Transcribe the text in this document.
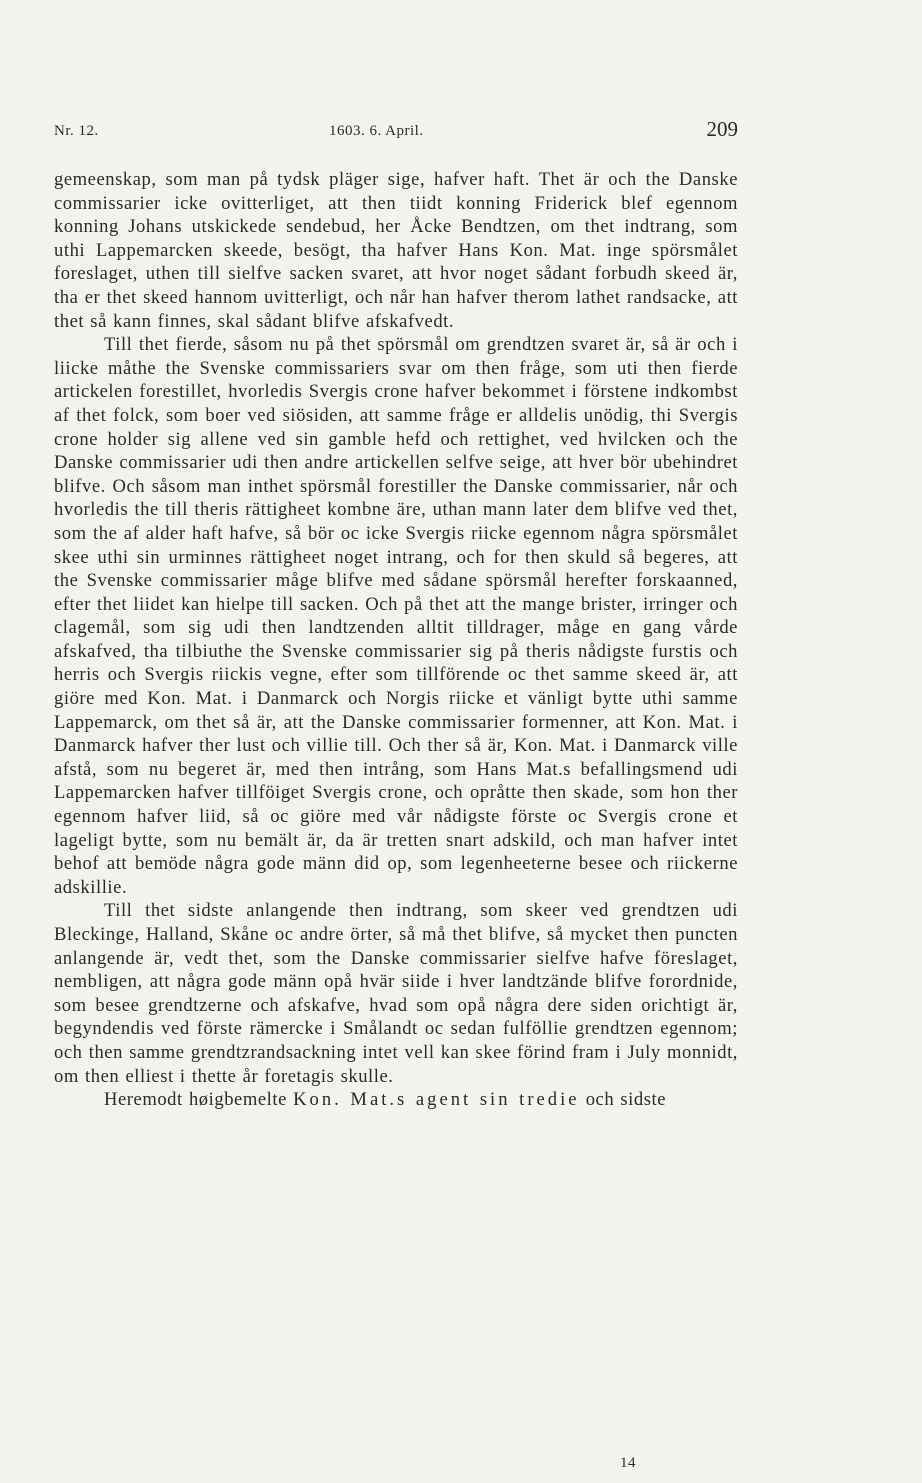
Nr. 12.	1603. 6. April.	209

gemeenskap, som man på tydsk pläger sige, hafver haft. Thet är och the Danske commissarier icke ovitterliget, att then tiidt konning Friderick blef egennom konning Johans utskickede sendebud, her Åcke Bendtzen, om thet indtrang, som uthi Lappemarcken skeede, besögt, tha hafver Hans Kon. Mat. inge spörsmålet foreslaget, uthen till sielfve sacken svaret, att hvor noget sådant forbudh skeed är, tha er thet skeed hannom uvitterligt, och når han hafver therom lathet randsacke, att thet så kann finnes, skal sådant blifve afskafvedt.

Till thet fierde, såsom nu på thet spörsmål om grendtzen svaret är, så är och i liicke måthe the Svenske commissariers svar om then fråge, som uti then fierde artickelen forestillet, hvorledis Svergis crone hafver bekommet i förstene indkombst af thet folck, som boer ved siösiden, att samme fråge er alldelis unödig, thi Svergis crone holder sig allene ved sin gamble hefd och rettighet, ved hvilcken och the Danske commissarier udi then andre artickellen selfve seige, att hver bör ubehindret blifve. Och såsom man inthet spörsmål forestiller the Danske commissarier, når och hvorledis the till theris rättigheet kombne äre, uthan mann later dem blifve ved thet, som the af alder haft hafve, så bör oc icke Svergis riicke egennom några spörsmålet skee uthi sin urminnes rättigheet noget intrang, och for then skuld så begeres, att the Svenske commissarier måge blifve med sådane spörsmål herefter forskaanned, efter thet liidet kan hielpe till sacken. Och på thet att the mange brister, irringer och clagemål, som sig udi then landtzenden alltit tilldrager, måge en gang vårde afskafved, tha tilbiuthe the Svenske commissarier sig på theris nådigste furstis och herris och Svergis riickis vegne, efter som tillförende oc thet samme skeed är, att giöre med Kon. Mat. i Danmarck och Norgis riicke et vänligt bytte uthi samme Lappemarck, om thet så är, att the Danske commissarier formenner, att Kon. Mat. i Danmarck hafver ther lust och villie till. Och ther så är, Kon. Mat. i Danmarck ville afstå, som nu begeret är, med then intrång, som Hans Mat.s befallingsmend udi Lappemarcken hafver tillföiget Svergis crone, och opråtte then skade, som hon ther egennom hafver liid, så oc giöre med vår nådigste förste oc Svergis crone et lageligt bytte, som nu bemält är, da är tretten snart adskild, och man hafver intet behof att bemöde några gode männ did op, som legenheeterne besee och riickerne adskillie.

Till thet sidste anlangende then indtrang, som skeer ved grendtzen udi Bleckinge, Halland, Skåne oc andre örter, så må thet blifve, så mycket then puncten anlangende är, vedt thet, som the Danske commissarier sielfve hafve föreslaget, nembligen, att några gode männ opå hvär siide i hver landtzände blifve forordnide, som besee grendtzerne och afskafve, hvad som opå några dere siden orichtigt är, begyndendis ved förste rämercke i Smålandt oc sedan fulföllie grendtzen egennom; och then samme grendtzrandsackning intet vell kan skee förind fram i July monnidt, om then elliest i thette år foretagis skulle.

Heremodt høigbemelte Kon. Mat.s agent sin tredie och sidste

14
